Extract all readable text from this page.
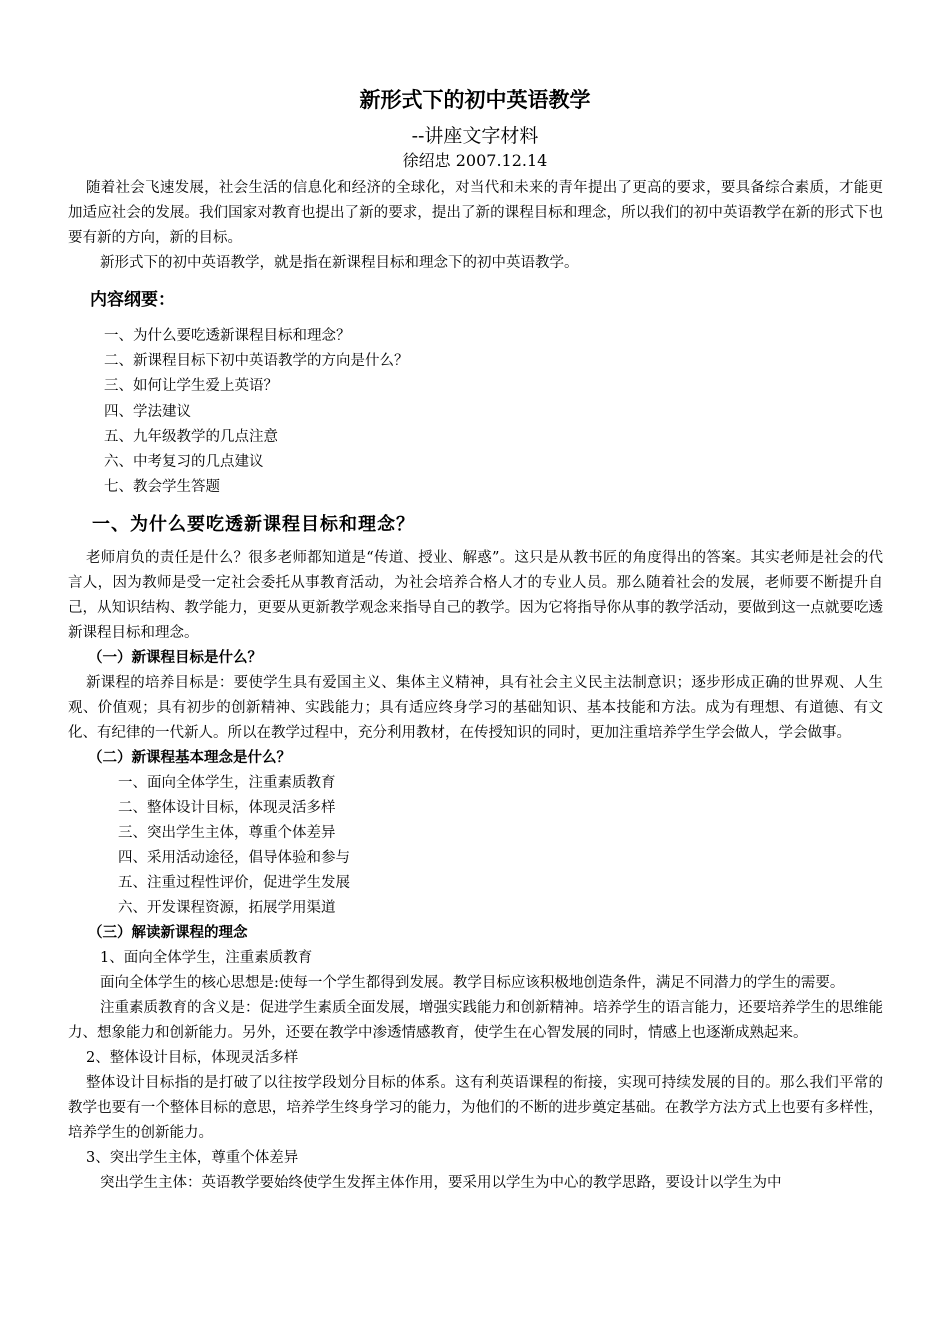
新形式下的初中英语教学
--讲座文字材料
徐绍忠 2007.12.14

随着社会飞速发展，社会生活的信息化和经济的全球化，对当代和未来的青年提出了更高的要求，要具备综合素质，才能更加适应社会的发展。我们国家对教育也提出了新的要求，提出了新的课程目标和理念，所以我们的初中英语教学在新的形式下也要有新的方向，新的目标。

新形式下的初中英语教学，就是指在新课程目标和理念下的初中英语教学。

内容纲要：
一、为什么要吃透新课程目标和理念？
二、新课程目标下初中英语教学的方向是什么？
三、如何让学生爱上英语？
四、学法建议
五、九年级教学的几点注意
六、中考复习的几点建议
七、教会学生答题
一、为什么要吃透新课程目标和理念？

老师肩负的责任是什么？很多老师都知道是“传道、授业、解惑”。这只是从教书匠的角度得出的答案。其实老师是社会的代言人，因为教师是受一定社会委托从事教育活动，为社会培养合格人才的专业人员。那么随着社会的发展，老师要不断提升自己，从知识结构、教学能力，更要从更新教学观念来指导自己的教学。因为它将指导你从事的教学活动，要做到这一点就要吃透新课程目标和理念。

（一）新课程目标是什么？

新课程的培养目标是：要使学生具有爱国主义、集体主义精神，具有社会主义民主法制意识；逐步形成正确的世界观、人生观、价值观；具有初步的创新精神、实践能力；具有适应终身学习的基础知识、基本技能和方法。成为有理想、有道德、有文化、有纪律的一代新人。所以在教学过程中，充分利用教材，在传授知识的同时，更加注重培养学生学会做人，学会做事。

（二）新课程基本理念是什么？

一、面向全体学生，注重素质教育

二、整体设计目标，体现灵活多样

三、突出学生主体，尊重个体差异

四、采用活动途径，倡导体验和参与

五、注重过程性评价，促进学生发展

六、开发课程资源，拓展学用渠道

（三）解读新课程的理念

1、面向全体学生，注重素质教育

面向全体学生的核心思想是:使每一个学生都得到发展。教学目标应该积极地创造条件，满足不同潜力的学生的需要。

注重素质教育的含义是：促进学生素质全面发展，增强实践能力和创新精神。培养学生的语言能力，还要培养学生的思维能力、想象能力和创新能力。另外，还要在教学中渗透情感教育，使学生在心智发展的同时，情感上也逐渐成熟起来。

2、整体设计目标，体现灵活多样

整体设计目标指的是打破了以往按学段划分目标的体系。这有利英语课程的衔接，实现可持续发展的目的。那么我们平常的教学也要有一个整体目标的意思，培养学生终身学习的能力，为他们的不断的进步奠定基础。在教学方法方式上也要有多样性，培养学生的创新能力。

3、突出学生主体，尊重个体差异

突出学生主体：英语教学要始终使学生发挥主体作用，要采用以学生为中心的教学思路，要设计以学生为中
